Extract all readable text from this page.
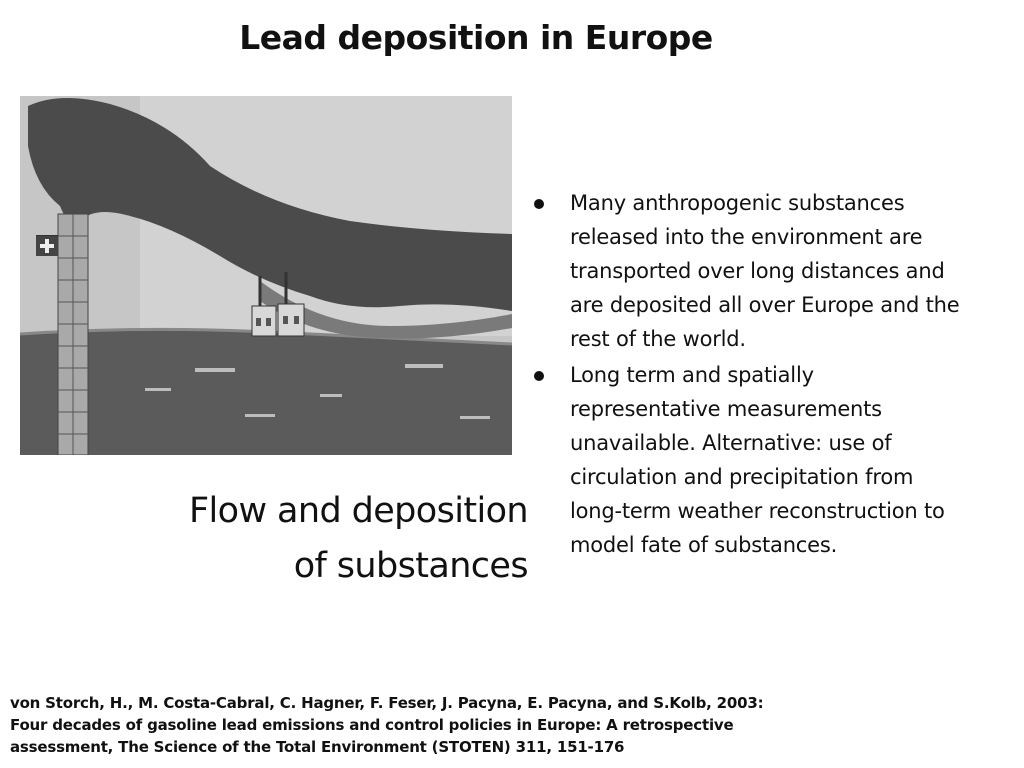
Lead deposition in Europe
Flow and deposition
of substances
Many anthropogenic substances released into the environment are transported over long distances and are deposited all over Europe and the rest of the world.
Long term and spatially representative measurements unavailable. Alternative: use of circulation and precipitation from long-term weather reconstruction to model fate of substances.
von Storch, H., M. Costa-Cabral, C. Hagner, F. Feser, J. Pacyna, E. Pacyna, and S.Kolb, 2003:
Four decades of gasoline lead emissions and control policies in Europe: A retrospective
assessment, The Science of the Total Environment (STOTEN) 311, 151-176
